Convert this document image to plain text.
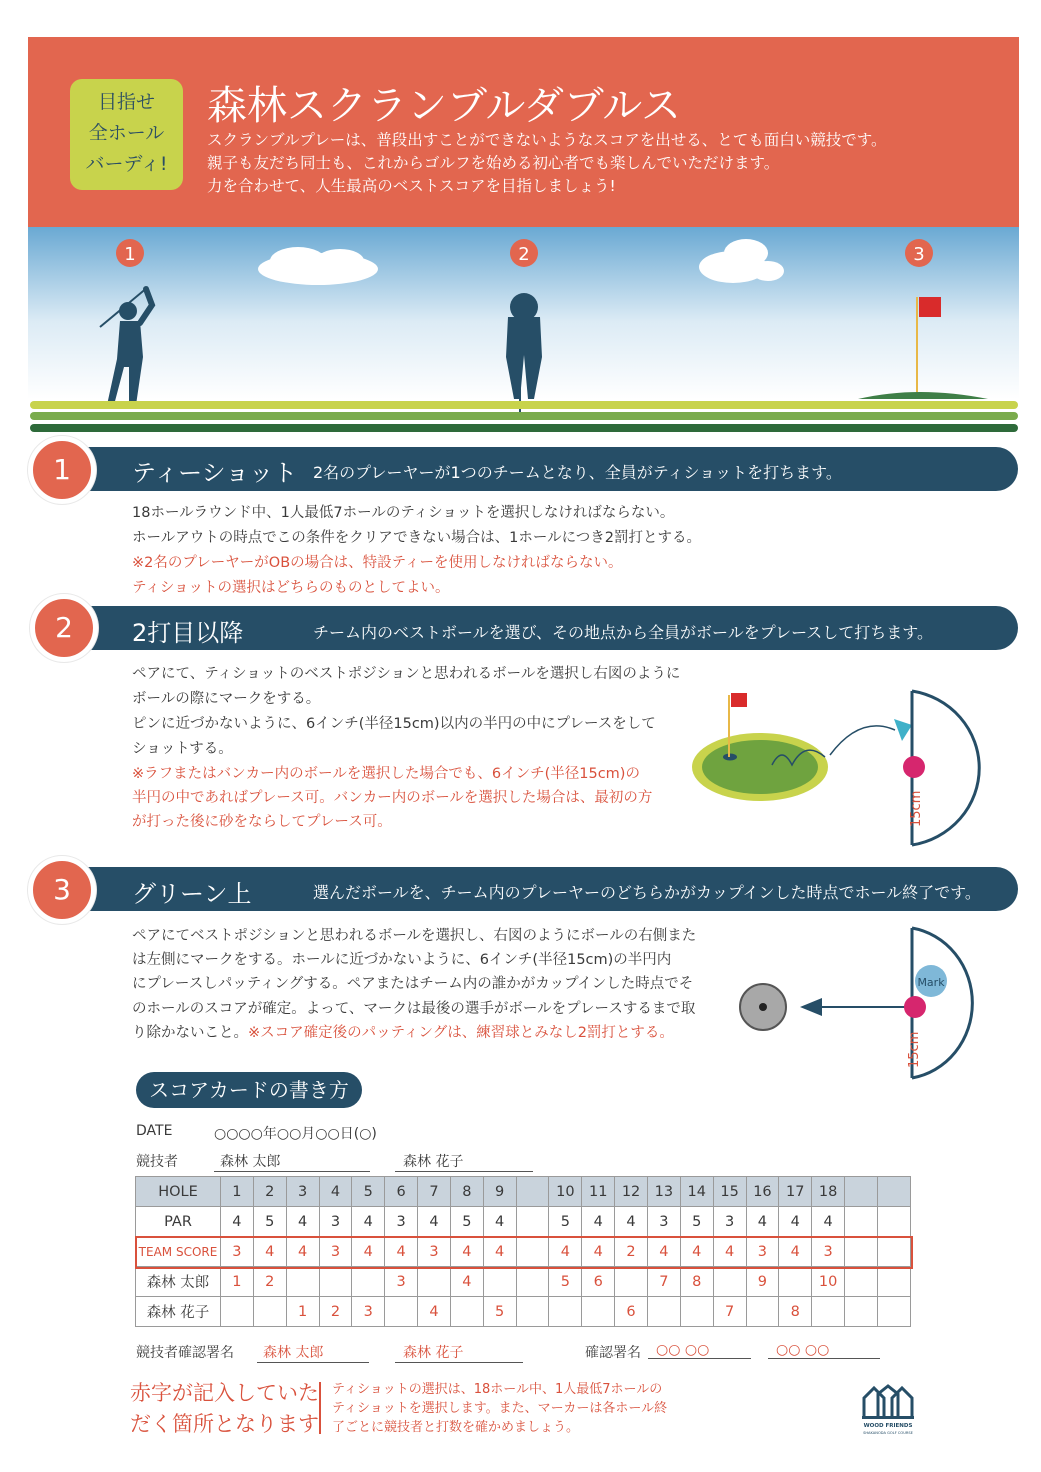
目指せ
全ホール
バーディ!
森林スクランブルダブルス
スクランブルプレーは、普段出すことができないようなスコアを出せる、とても面白い競技です。
親子も友だち同士も、これからゴルフを始める初心者でも楽しんでいただけます。
力を合わせて、人生最高のベストスコアを目指しましょう!
1	2	3
1	ティーショット 2名のプレーヤーが1つのチームとなり、全員がティショットを打ちます。
18ホールラウンド中、1人最低7ホールのティショットを選択しなければならない。
ホールアウトの時点でこの条件をクリアできない場合は、1ホールにつき2罰打とする。
※2名のプレーヤーがOBの場合は、特設ティーを使用しなければならない。
ティショットの選択はどちらのものとしてよい。
2	2打目以降	チーム内のベストボールを選び、その地点から全員がボールをプレースして打ちます。
ペアにて、ティショットのベストポジションと思われるボールを選択し右図のように
ボールの際にマークをする。
ピンに近づかないように、6インチ(半径15cm)以内の半円の中にプレースをして
ショットする。
※ラフまたはバンカー内のボールを選択した場合でも、6インチ(半径15cm)の
半円の中であればプレース可。バンカー内のボールを選択した場合は、最初の方
が打った後に砂をならしてプレース可。	15cm
3	グリーン上	選んだボールを、チーム内のプレーヤーのどちらかがカップインした時点でホール終了です。
ペアにてベストポジションと思われるボールを選択し、右図のようにボールの右側また
は左側にマークをする。ホールに近づかないように、6インチ(半径15cm)の半円内
にプレースしパッティングする。ペアまたはチーム内の誰かがカップインした時点でそ
のホールのスコアが確定。よって、マークは最後の選手がボールをプレースするまで取
り除かないこと。※スコア確定後のパッティングは、練習球とみなし2罰打とする。
Mark
15cm
スコアカードの書き方
DATE	○○○○年○○月○○日(○)
競技者	森林 太郎	森林 花子
HOLE	1	2	3	4	5	6	7	8	9		10	11	12	13	14	15	16	17	18		
PAR	4	5	4	3	4	3	4	5	4		5	4	4	3	5	3	4	4	4		
TEAM SCORE	3	4	4	3	4	4	3	4	4		4	4	2	4	4	4	3	4	3		
森林 太郎	1	2				3		4			5	6		7	8		9		10		
森林 花子			1	2	3		4		5				6			7		8			
競技者確認署名	森林 太郎	森林 花子	確認署名	○○ ○○	○○ ○○
赤字が記入していた
だく箇所となります
ティショットの選択は、18ホール中、1人最低7ホールの
ティショットを選択します。また、マーカーは各ホール終
了ごとに競技者と打数を確かめましょう。	WOOD FRIENDS
SHAKANODA GOLF COURSE
